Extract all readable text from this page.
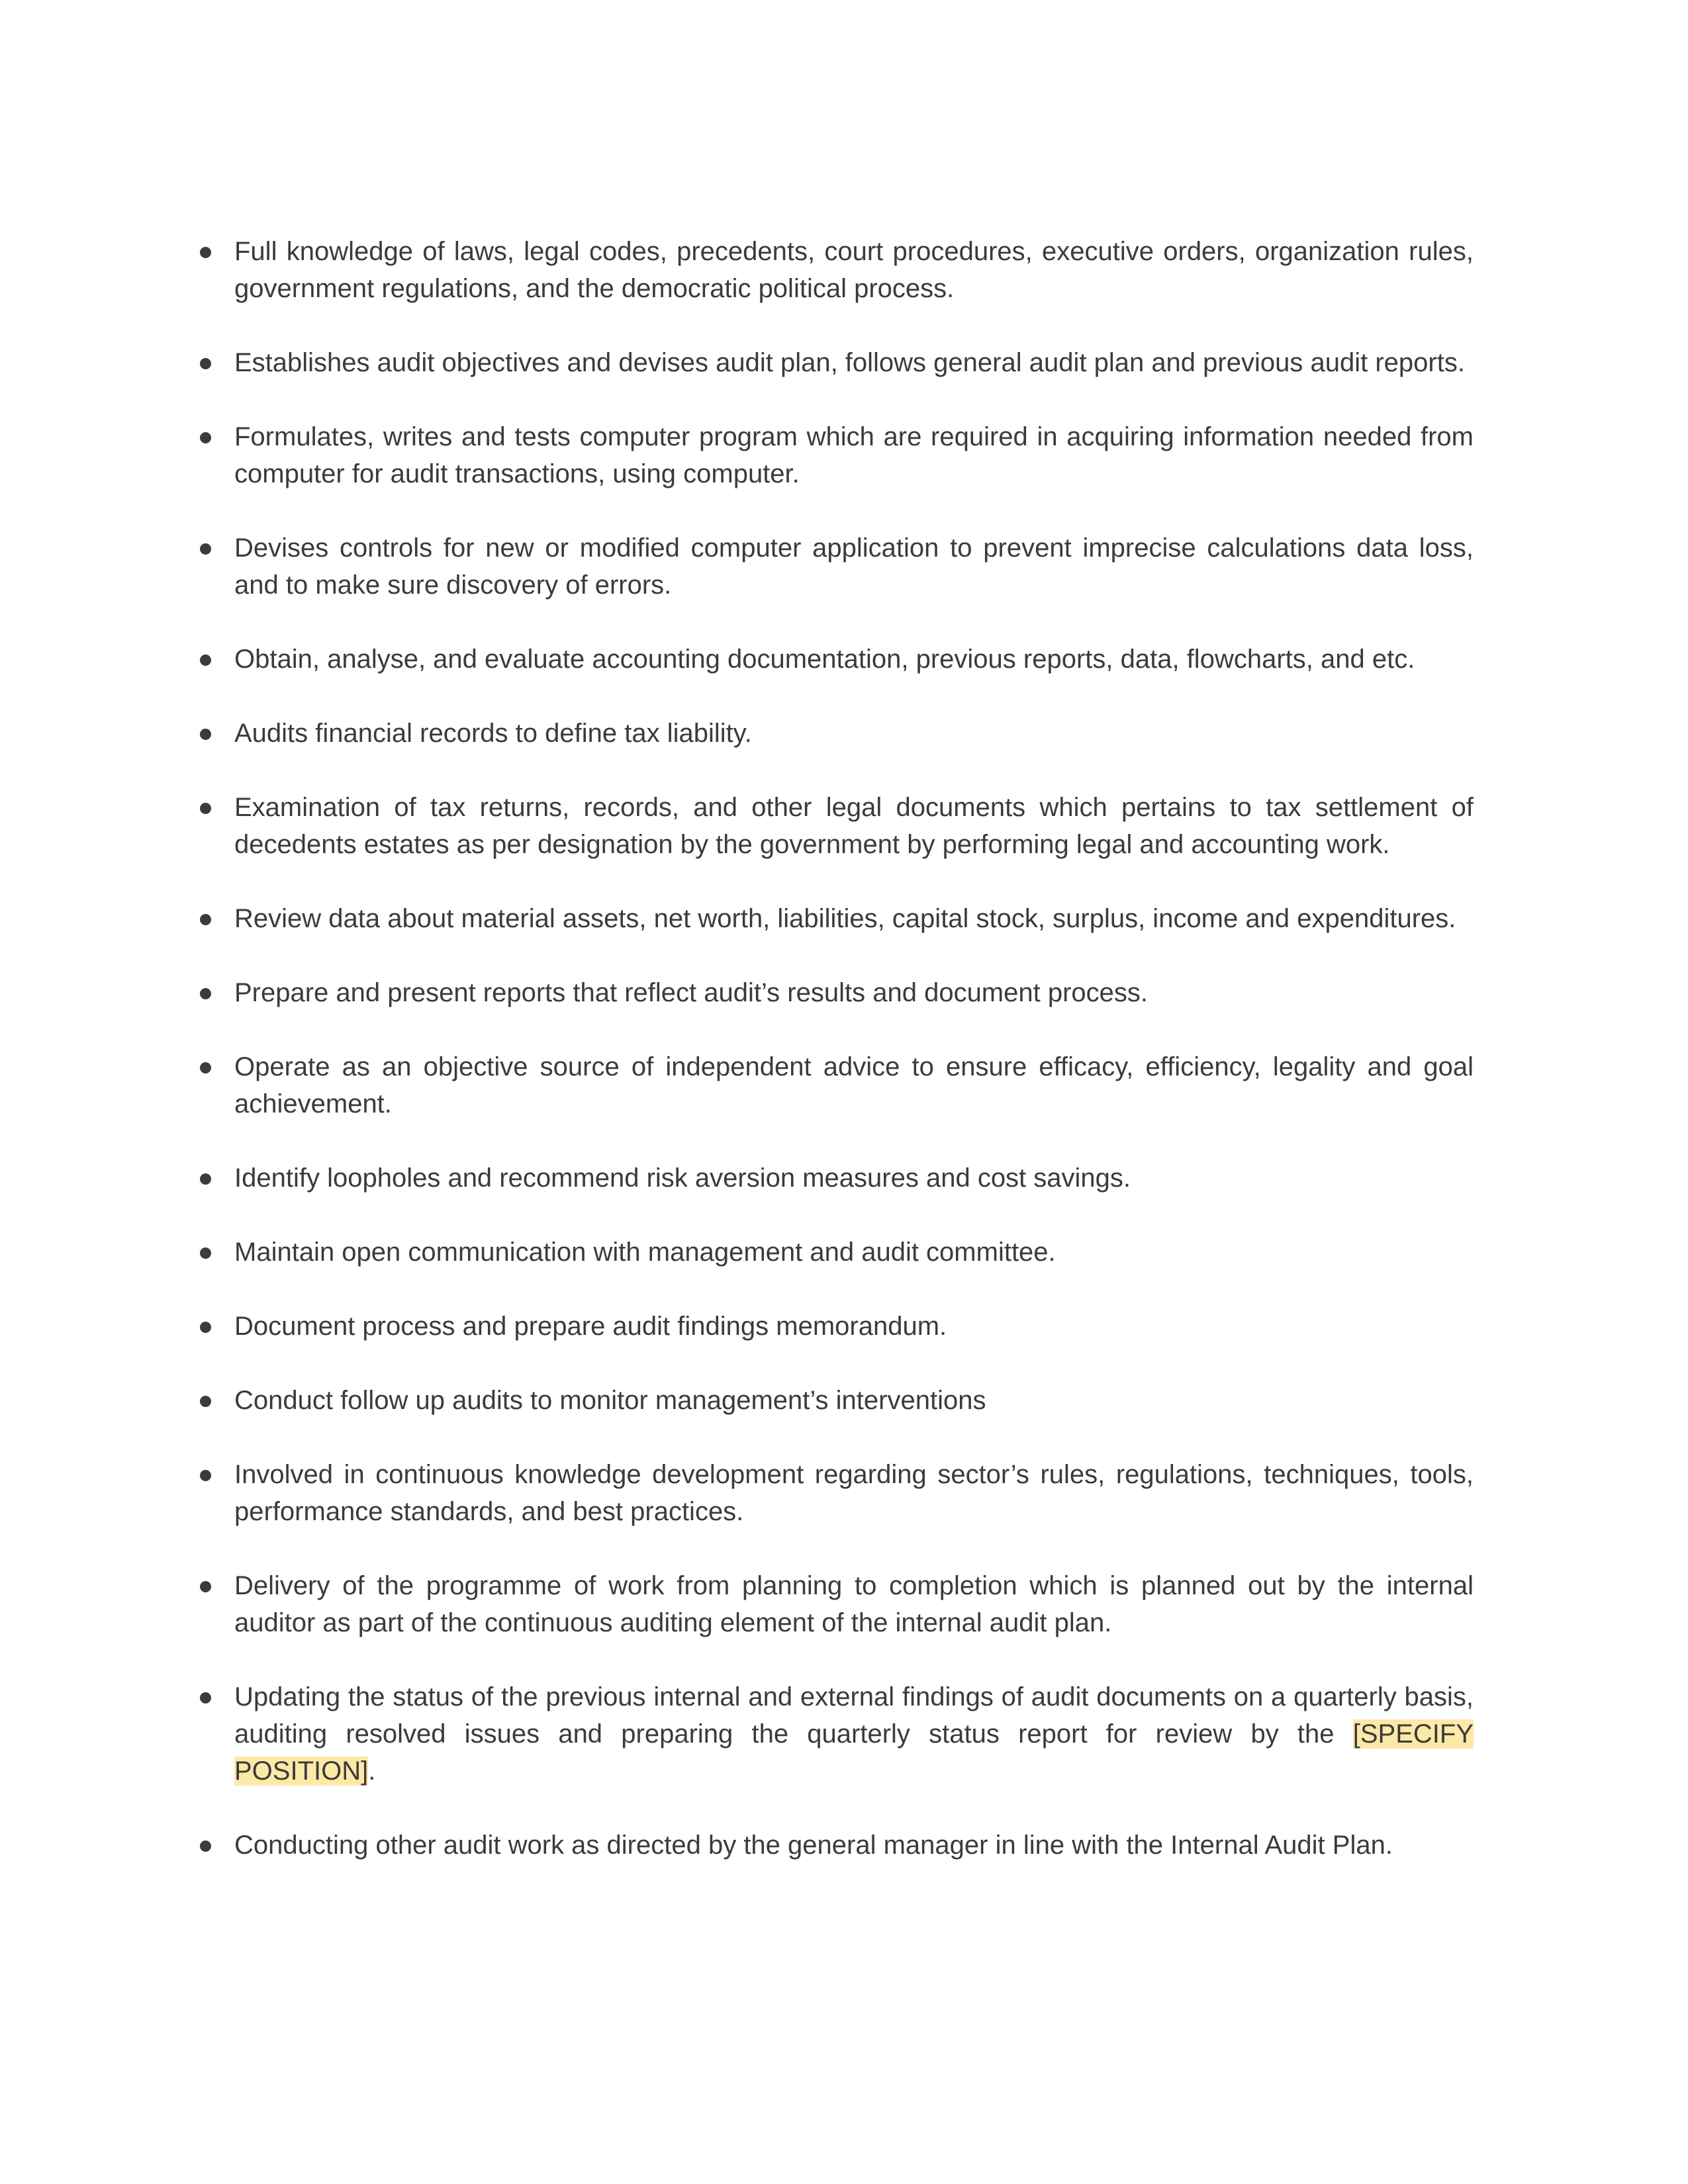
Full knowledge of laws, legal codes, precedents, court procedures, executive orders, organization rules, government regulations, and the democratic political process.
Establishes audit objectives and devises audit plan, follows general audit plan and previous audit reports.
Formulates, writes and tests computer program which are required in acquiring information needed from computer for audit transactions, using computer.
Devises controls for new or modified computer application to prevent imprecise calculations data loss, and to make sure discovery of errors.
Obtain, analyse, and evaluate accounting documentation, previous reports, data, flowcharts, and etc.
Audits financial records to define tax liability.
Examination of tax returns, records, and other legal documents which pertains to tax settlement of decedents estates as per designation by the government by performing legal and accounting work.
Review data about material assets, net worth, liabilities, capital stock, surplus, income and expenditures.
Prepare and present reports that reflect audit’s results and document process.
Operate as an objective source of independent advice to ensure efficacy, efficiency, legality and goal achievement.
Identify loopholes and recommend risk aversion measures and cost savings.
Maintain open communication with management and audit committee.
Document process and prepare audit findings memorandum.
Conduct follow up audits to monitor management’s interventions
Involved in continuous knowledge development regarding sector’s rules, regulations, techniques, tools, performance standards, and best practices.
Delivery of the programme of work from planning to completion which is planned out by the internal auditor as part of the continuous auditing element of the internal audit plan.
Updating the status of the previous internal and external findings of audit documents on a quarterly basis, auditing resolved issues and preparing the quarterly status report for review by the [SPECIFY POSITION].
Conducting other audit work as directed by the general manager in line with the Internal Audit Plan.
